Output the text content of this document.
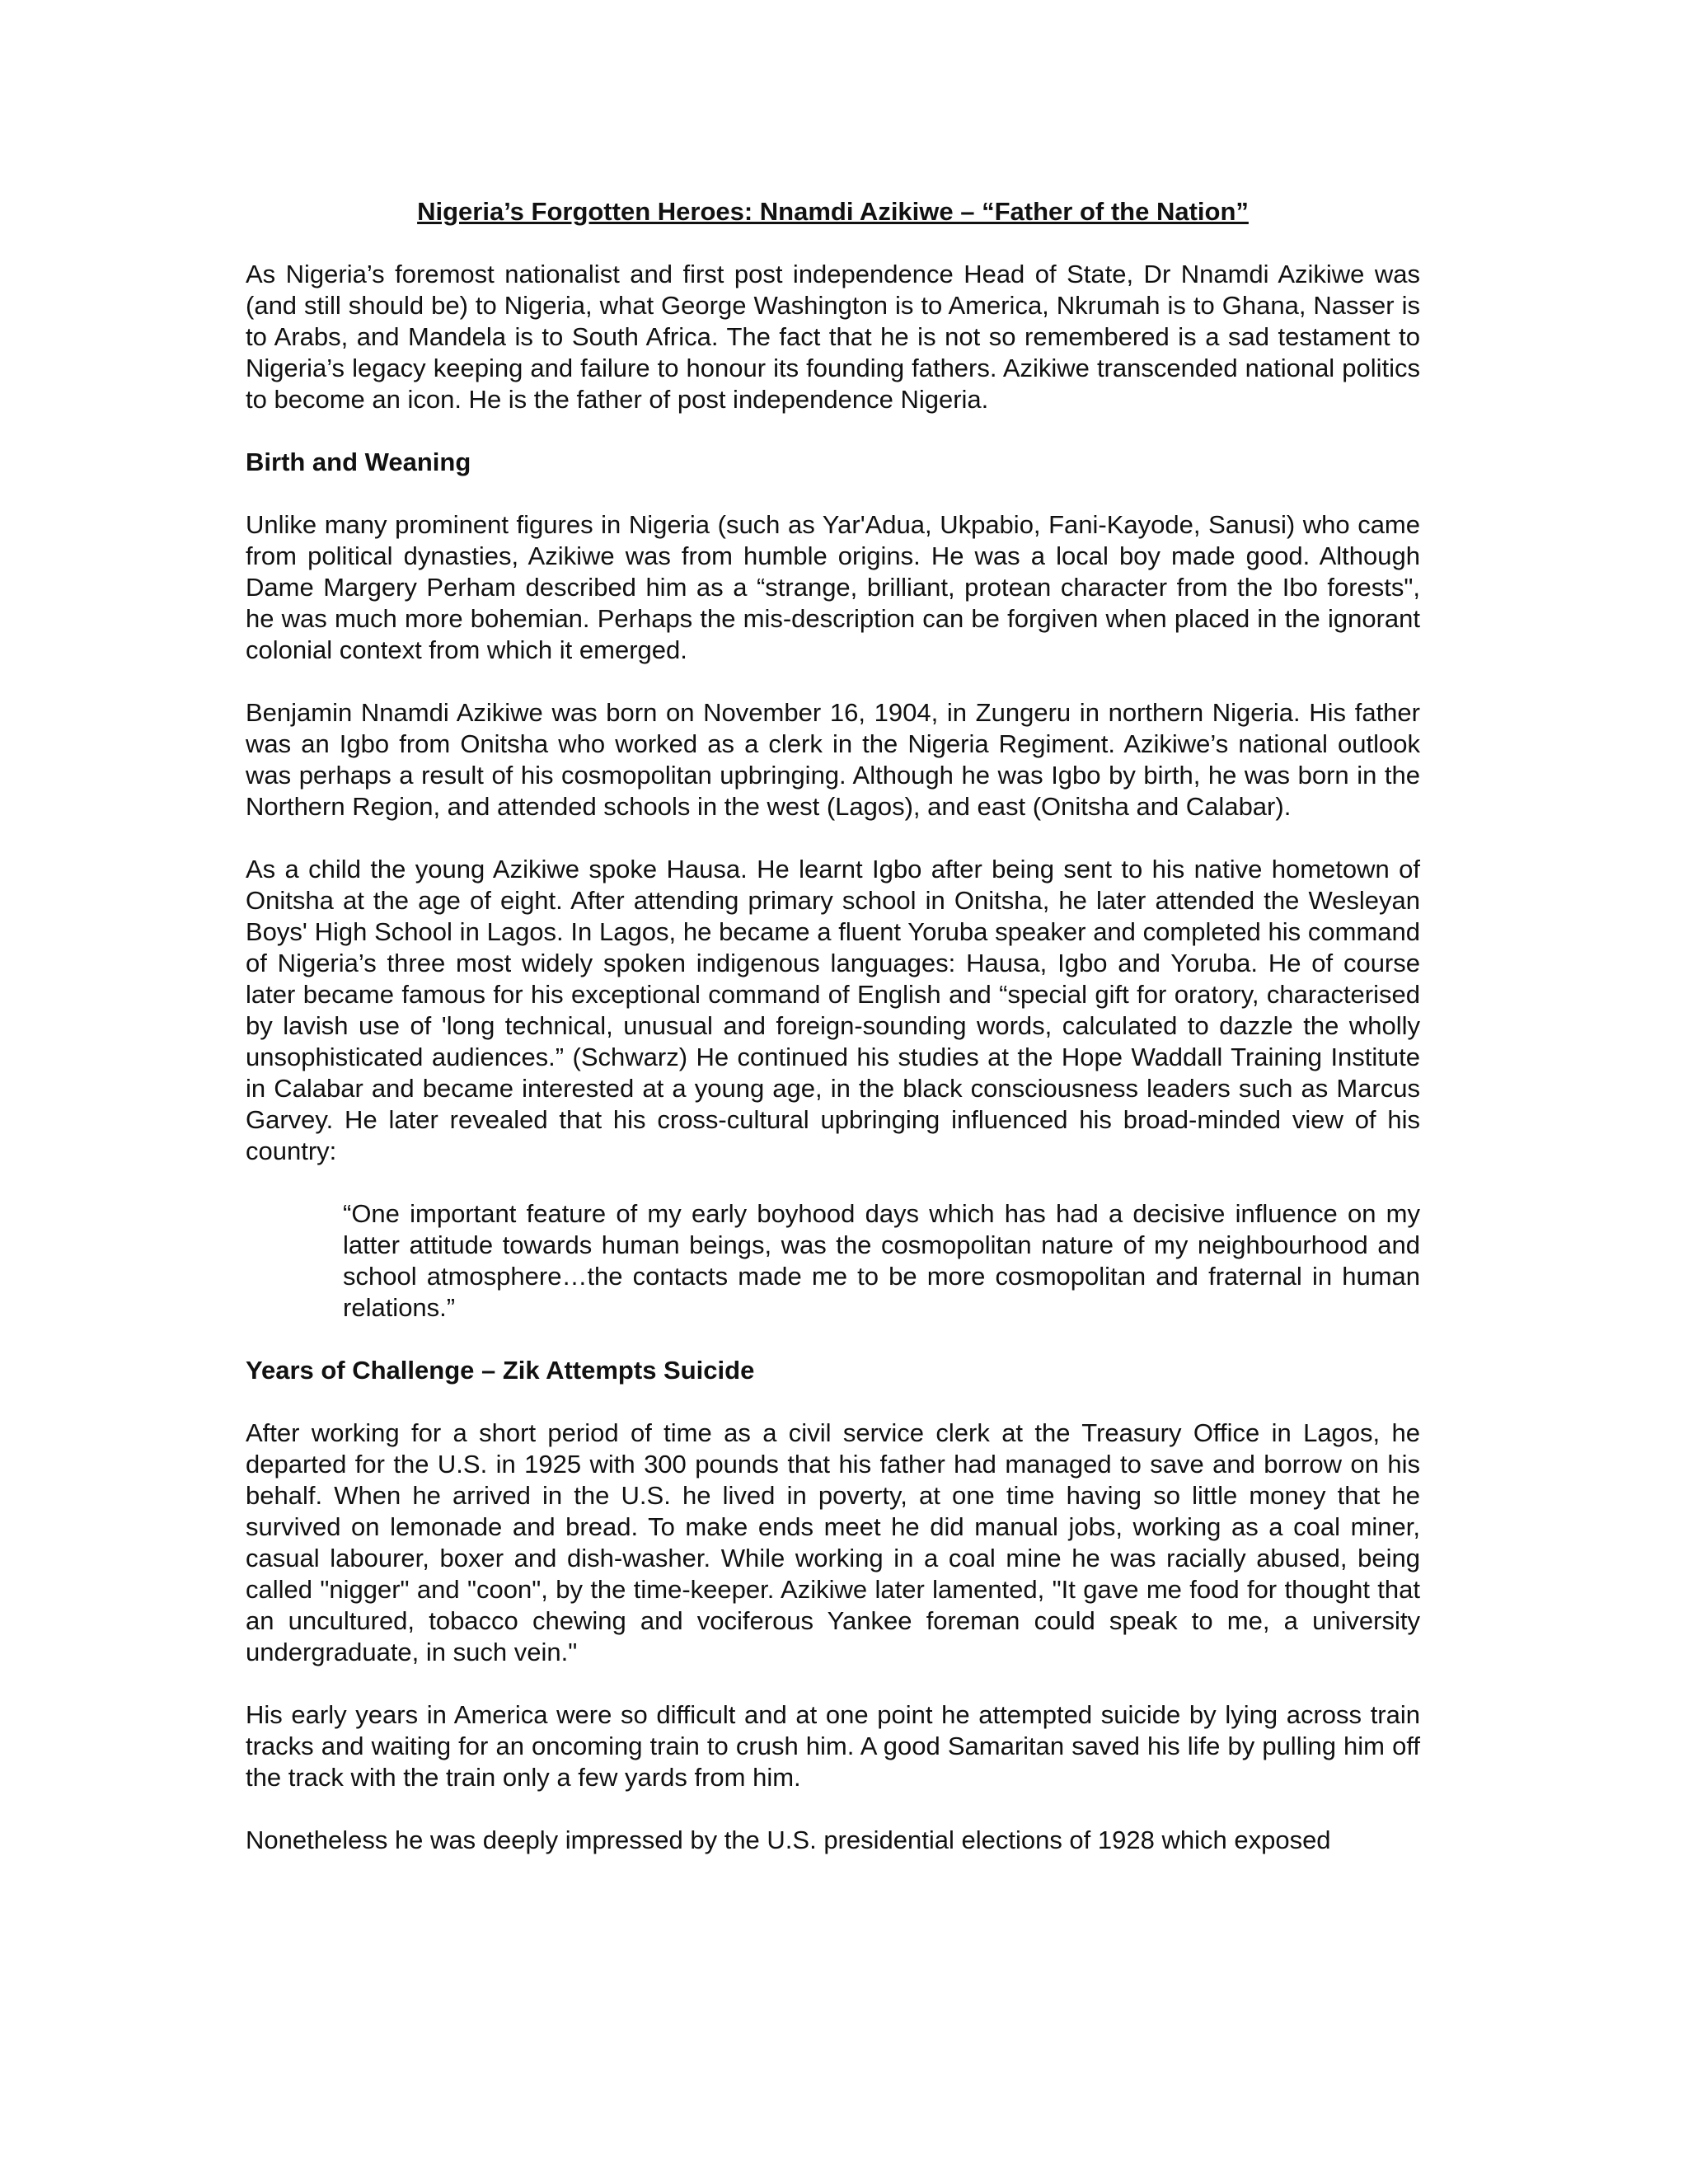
Nigeria’s Forgotten Heroes: Nnamdi Azikiwe – “Father of the Nation”
As Nigeria’s foremost nationalist and first post independence Head of State, Dr Nnamdi Azikiwe was (and still should be) to Nigeria, what George Washington is to America, Nkrumah is to Ghana, Nasser is to Arabs, and Mandela is to South Africa. The fact that he is not so remembered is a sad testament to Nigeria’s legacy keeping and failure to honour its founding fathers. Azikiwe transcended national politics to become an icon. He is the father of post independence Nigeria.
Birth and Weaning
Unlike many prominent figures in Nigeria (such as Yar'Adua, Ukpabio, Fani-Kayode, Sanusi) who came from political dynasties, Azikiwe was from humble origins. He was a local boy made good. Although Dame Margery Perham described him as a “strange, brilliant, protean character from the Ibo forests", he was much more bohemian. Perhaps the mis-description can be forgiven when placed in the ignorant colonial context from which it emerged.
Benjamin Nnamdi Azikiwe was born on November 16, 1904, in Zungeru in northern Nigeria. His father was an Igbo from Onitsha who worked as a clerk in the Nigeria Regiment. Azikiwe’s national outlook was perhaps a result of his cosmopolitan upbringing. Although he was Igbo by birth, he was born in the Northern Region, and attended schools in the west (Lagos), and east (Onitsha and Calabar).
As a child the young Azikiwe spoke Hausa. He learnt Igbo after being sent to his native hometown of Onitsha at the age of eight. After attending primary school in Onitsha, he later attended the Wesleyan Boys' High School in Lagos. In Lagos, he became a fluent Yoruba speaker and completed his command of Nigeria’s three most widely spoken indigenous languages: Hausa, Igbo and Yoruba. He of course later became famous for his exceptional command of English and “special gift for oratory, characterised by lavish use of 'long technical, unusual and foreign-sounding words, calculated to dazzle the wholly unsophisticated audiences.” (Schwarz) He continued his studies at the Hope Waddall Training Institute in Calabar and became interested at a young age, in the black consciousness leaders such as Marcus Garvey. He later revealed that his cross-cultural upbringing influenced his broad-minded view of his country:
“One important feature of my early boyhood days which has had a decisive influence on my latter attitude towards human beings, was the cosmopolitan nature of my neighbourhood and school atmosphere…the contacts made me to be more cosmopolitan and fraternal in human relations.”
Years of Challenge – Zik Attempts Suicide
After working for a short period of time as a civil service clerk at the Treasury Office in Lagos, he departed for the U.S. in 1925 with 300 pounds that his father had managed to save and borrow on his behalf. When he arrived in the U.S. he lived in poverty, at one time having so little money that he survived on lemonade and bread. To make ends meet he did manual jobs, working as a coal miner, casual labourer, boxer and dish-washer. While working in a coal mine he was racially abused, being called "nigger" and "coon", by the time-keeper. Azikiwe later lamented, "It gave me food for thought that an uncultured, tobacco chewing and vociferous Yankee foreman could speak to me, a university undergraduate, in such vein."
His early years in America were so difficult and at one point he attempted suicide by lying across train tracks and waiting for an oncoming train to crush him. A good Samaritan saved his life by pulling him off the track with the train only a few yards from him.
Nonetheless he was deeply impressed by the U.S. presidential elections of 1928 which exposed
